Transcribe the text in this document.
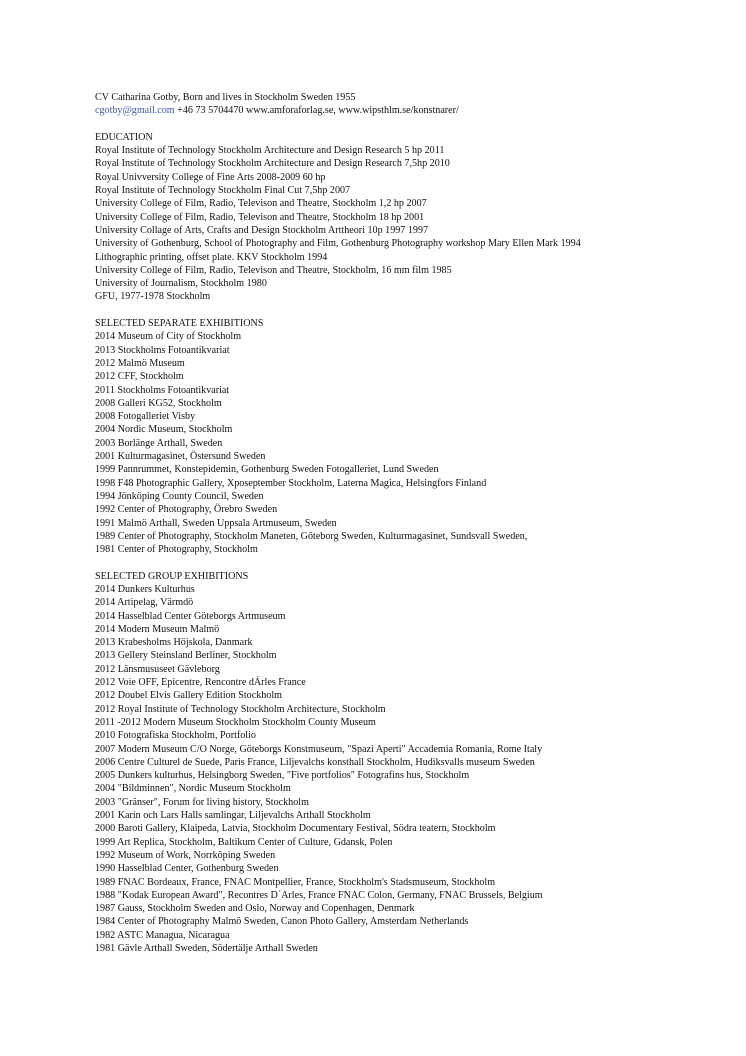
CV Catharina Gotby, Born and lives in Stockholm Sweden 1955
cgotby@gmail.com +46 73 5704470 www.amforaforlag.se, www.wipsthlm.se/konstnarer/
EDUCATION
Royal Institute of Technology Stockholm Architecture and Design Research 5 hp 2011
Royal Institute of Technology Stockholm Architecture and Design Research 7,5hp 2010
Royal Univversity College of Fine Arts 2008-2009 60 hp
Royal Institute of Technology Stockholm Final Cut 7,5hp 2007
University College of Film, Radio, Televison and Theatre, Stockholm 1,2 hp 2007
University College of Film, Radio, Televison and Theatre, Stockholm 18 hp 2001
University Collage of Arts, Crafts and Design Stockholm Arttheori 10p 1997 1997
University of Gothenburg, School of Photography and Film, Gothenburg Photography workshop Mary Ellen Mark 1994
Lithographic printing, offset plate. KKV Stockholm 1994
University College of Film, Radio, Televison and Theatre, Stockholm, 16 mm film 1985
University of Journalism, Stockholm 1980
GFU, 1977-1978 Stockholm
SELECTED SEPARATE EXHIBITIONS
2014 Museum of City of Stockholm
2013 Stockholms Fotoantikvariat
2012 Malmö Museum
2012 CFF, Stockholm
2011 Stockholms Fotoantikvariat
2008 Galleri KG52, Stockholm
2008 Fotogalleriet Visby
2004 Nordic Museum, Stockholm
2003 Borlänge Arthall, Sweden
2001 Kulturmagasinet, Östersund Sweden
1999 Pannrummet, Konstepidemin, Gothenburg Sweden Fotogalleriet, Lund Sweden
1998 F48 Photographic Gallery, Xposeptember Stockholm, Laterna Magica, Helsingfors Finland
1994 Jönköping County Council, Sweden
1992 Center of Photography, Örebro Sweden
1991 Malmö Arthall, Sweden Uppsala Artmuseum, Sweden
1989 Center of Photography, Stockholm Maneten, Göteborg Sweden, Kulturmagasinet, Sundsvall Sweden,
1981 Center of Photography, Stockholm
SELECTED GROUP EXHIBITIONS
2014 Dunkers Kulturhus
2014 Artipelag, Värmdö
2014 Hasselblad Center Göteborgs Artmuseum
2014 Modern Museum Malmö
2013 Krabesholms Höjskola, Danmark
2013 Gellery Steinsland Berliner, Stockholm
2012 Länsmususeet Gävleborg
2012 Voie OFF, Epicentre, Rencontre dÁrles France
2012 Doubel Elvis Gallery Edition Stockholm
2012 Royal Institute of Technology Stockholm Architecture, Stockholm
2011 -2012 Modern Museum Stockholm Stockholm County Museum
2010 Fotografiska Stockholm, Portfolio
2007 Modern Museum C/O Norge, Göteborgs Konstmuseum, "Spazi Aperti" Accademia Romania, Rome Italy
2006 Centre Culturel de Suede, Paris France, Liljevalchs konsthall Stockholm, Hudiksvalls museum Sweden
2005 Dunkers kulturhus, Helsingborg Sweden, "Five portfolios" Fotografins hus, Stockholm
2004 "Bildminnen", Nordic Museum Stockholm
2003 "Gränser", Forum for living history, Stockholm
2001 Karin och Lars Halls samlingar, Liljevalchs Arthall Stockholm
2000 Baroti Gallery, Klaipeda, Latvia, Stockholm Documentary Festival, Södra teatern, Stockholm
1999 Art Replica, Stockholm, Baltikum Center of Culture, Gdansk, Polen
1992 Museum of Work, Norrköping Sweden
1990 Hasselblad Center, Gothenburg Sweden
1989 FNAC Bordeaux, France, FNAC Montpellier, France, Stockholm's Stadsmuseum, Stockholm
1988 "Kodak European Award", Recontres D´Arles, France FNAC Colon, Germany, FNAC Brussels, Belgium
1987 Gauss, Stockholm Sweden and Oslo, Norway and Copenhagen, Denmark
1984 Center of Photography Malmö Sweden, Canon Photo Gallery, Amsterdam Netherlands
1982 ASTC Managua, Nicaragua
1981 Gävle Arthall Sweden, Södertälje Arthall Sweden
